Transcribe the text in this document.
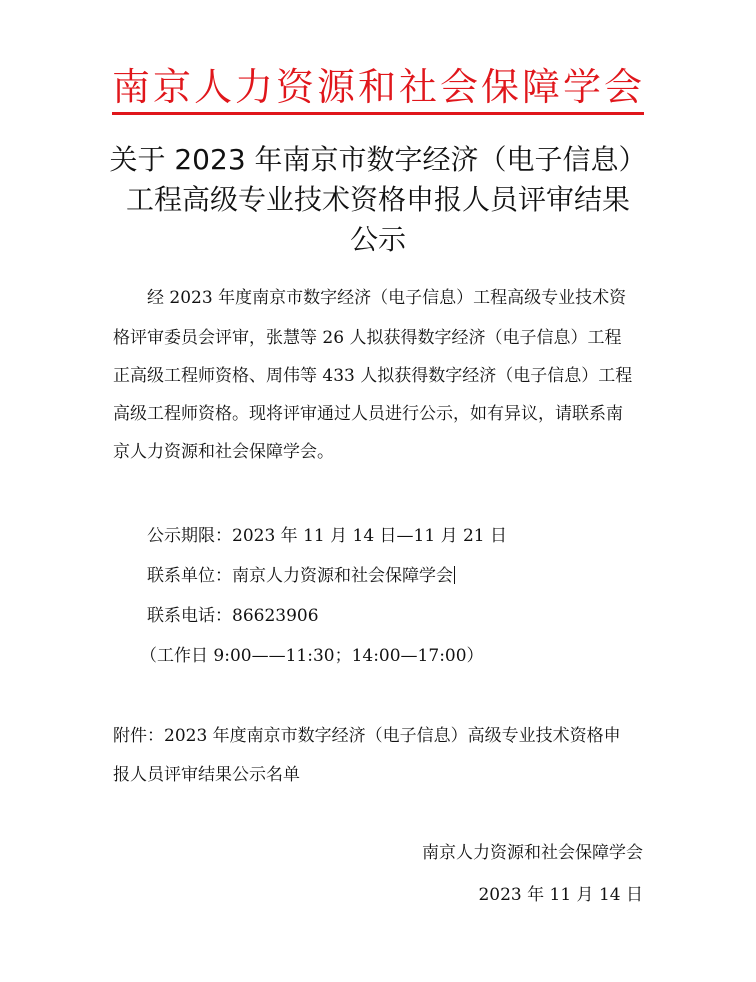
南京人力资源和社会保障学会
关于 2023 年南京市数字经济（电子信息）
工程高级专业技术资格申报人员评审结果
公示
经 2023 年度南京市数字经济（电子信息）工程高级专业技术资
格评审委员会评审，张慧等 26 人拟获得数字经济（电子信息）工程
正高级工程师资格、周伟等 433 人拟获得数字经济（电子信息）工程
高级工程师资格。现将评审通过人员进行公示，如有异议，请联系南
京人力资源和社会保障学会。
公示期限：2023 年 11 月 14 日—11 月 21 日
联系单位：南京人力资源和社会保障学会
联系电话：86623906
（工作日 9:00——11:30；14:00—17:00）
附件：2023 年度南京市数字经济（电子信息）高级专业技术资格申
报人员评审结果公示名单
南京人力资源和社会保障学会
2023 年 11 月 14 日
